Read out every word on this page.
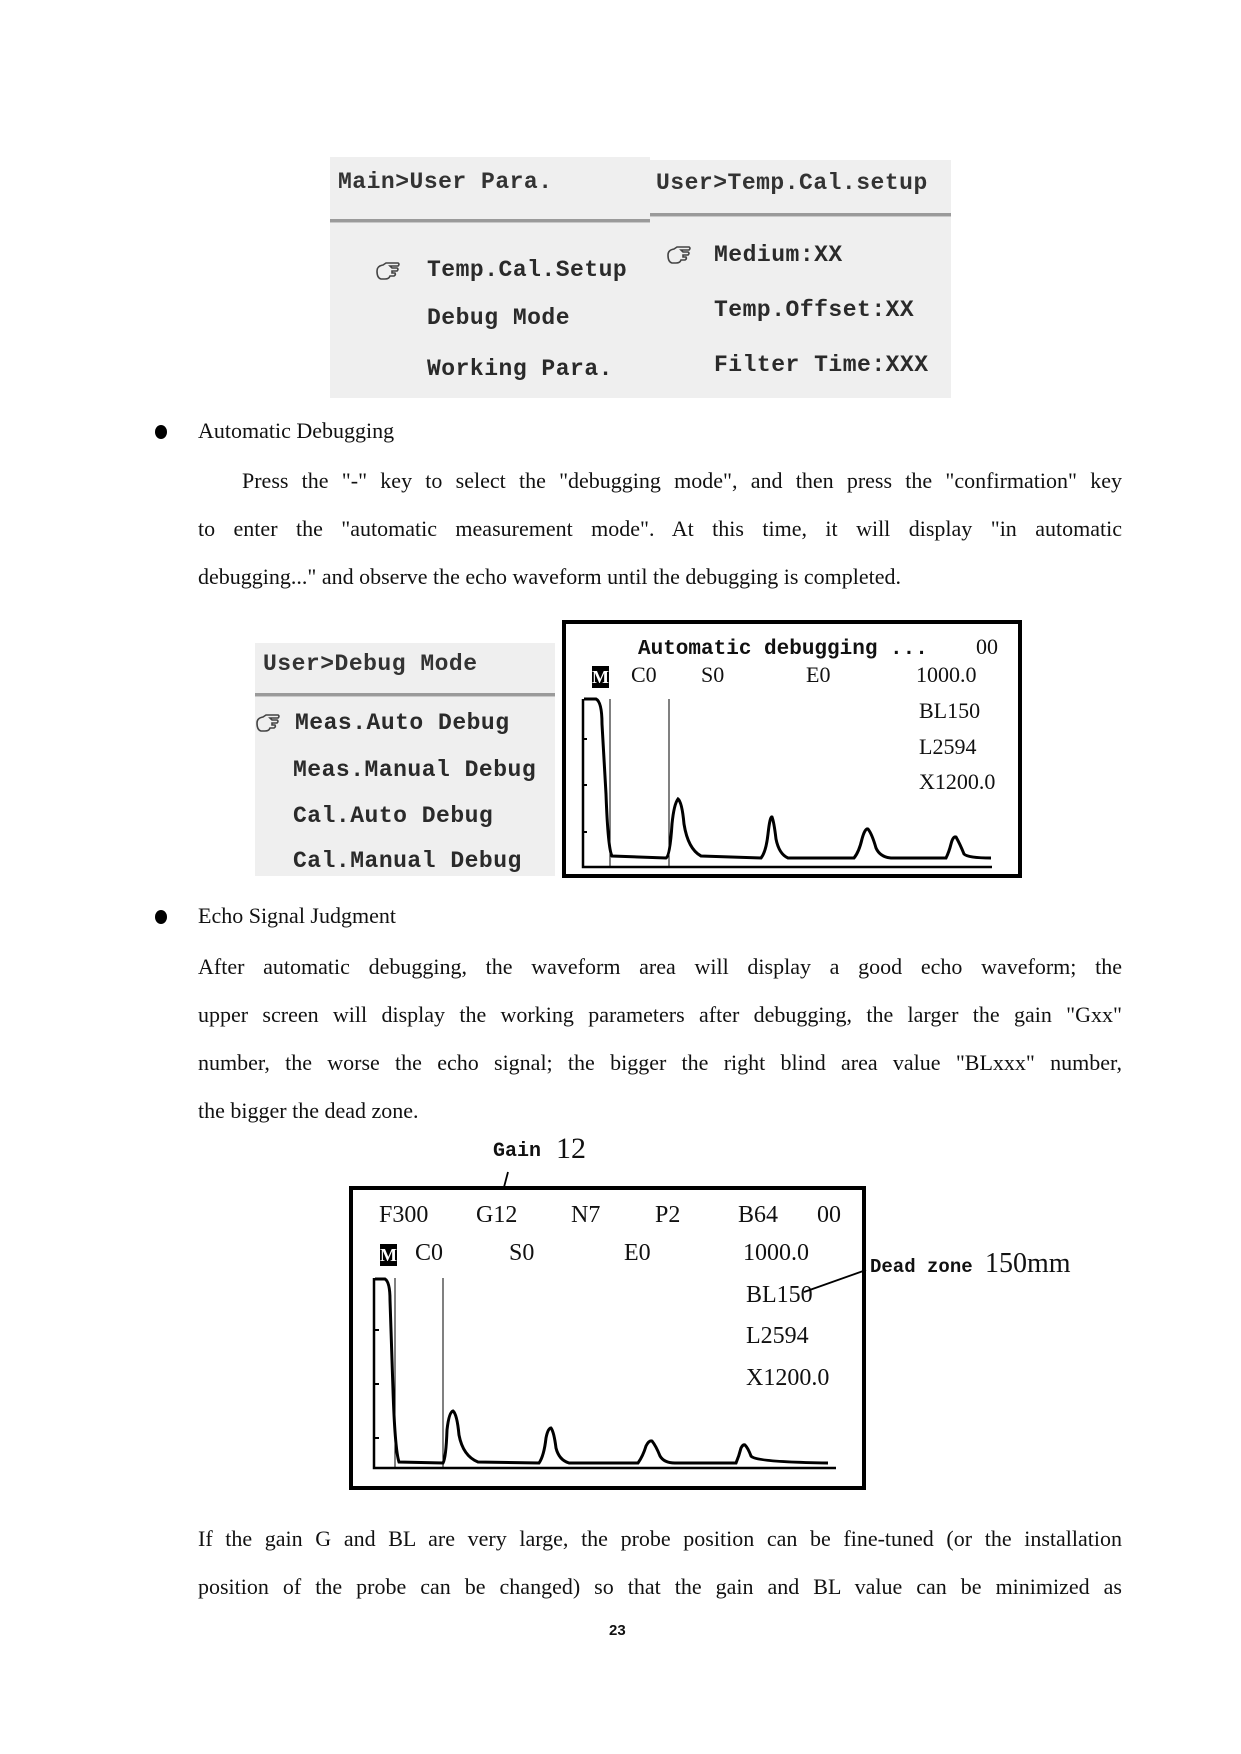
Main>User Para.
Temp.Cal.Setup
Debug Mode
Working Para.
User>Temp.Cal.setup
Medium:XX
Temp.Offset:XX
Filter Time:XXX
Automatic Debugging
Press the "-" key to select the "debugging mode", and then press the "confirmation" key
to enter the "automatic measurement mode". At this time, it will display "in automatic
debugging..." and observe the echo waveform until the debugging is completed.
User>Debug Mode
Meas.Auto Debug
Meas.Manual Debug
Cal.Auto Debug
Cal.Manual Debug
Automatic debugging ... 00
M C0 S0	E0	1000.0
BL150
L2594
X1200.0
Echo Signal Judgment
After automatic debugging, the waveform area will display a good echo waveform; the
upper screen will display the working parameters after debugging, the larger the gain "Gxx"
number, the worse the echo signal; the bigger the right blind area value "BLxxx" number,
the bigger the dead zone.
Gain 12
F300 G12 N7 P2 B64 00
M C0	S0	E0	1000.0
BL150
L2594
X1200.0
Dead zone 150mm
If the gain G and BL are very large, the probe position can be fine-tuned (or the installation
position of the probe can be changed) so that the gain and BL value can be minimized as
23
